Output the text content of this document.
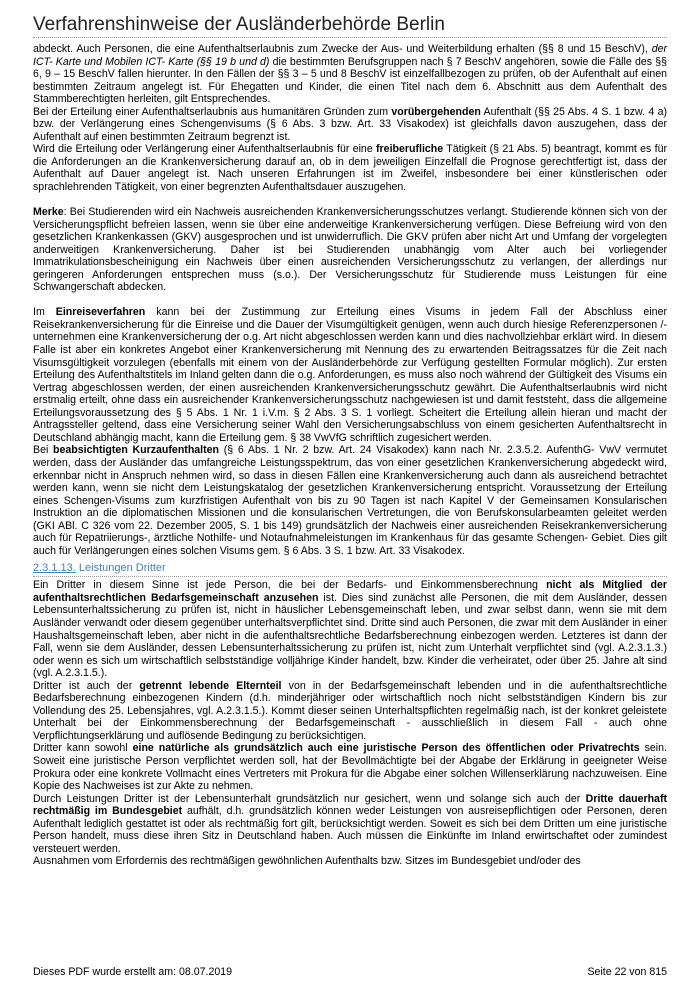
Verfahrenshinweise der Ausländerbehörde Berlin

abdeckt. Auch Personen, die eine Aufenthaltserlaubnis zum Zwecke der Aus- und Weiterbildung erhalten (§§ 8 und 15 BeschV), der ICT- Karte und Mobilen ICT- Karte (§§ 19 b und d) die bestimmten Berufsgruppen nach § 7 BeschV angehören, sowie die Fälle des §§ 6, 9 – 15 BeschV fallen hierunter. In den Fällen der §§ 3 – 5 und 8 BeschV ist einzelfallbezogen zu prüfen, ob der Aufenthalt auf einen bestimmten Zeitraum angelegt ist. Für Ehegatten und Kinder, die einen Titel nach dem 6. Abschnitt aus dem Aufenthalt des Stammberechtigten herleiten, gilt Entsprechendes.

Bei der Erteilung einer Aufenthaltserlaubnis aus humanitären Gründen zum vorübergehenden Aufenthalt (§§ 25 Abs. 4 S. 1 bzw. 4 a) bzw. der Verlängerung eines Schengenvisums (§ 6 Abs. 3 bzw. Art. 33 Visakodex) ist gleichfalls davon auszugehen, dass der Aufenthalt auf einen bestimmten Zeitraum begrenzt ist.

Wird die Erteilung oder Verlängerung einer Aufenthaltserlaubnis für eine freiberufliche Tätigkeit (§ 21 Abs. 5) beantragt, kommt es für die Anforderungen an die Krankenversicherung darauf an, ob in dem jeweiligen Einzelfall die Prognose gerechtfertigt ist, dass der Aufenthalt auf Dauer angelegt ist. Nach unseren Erfahrungen ist im Zweifel, insbesondere bei einer künstlerischen oder sprachlehrenden Tätigkeit, von einer begrenzten Aufenthaltsdauer auszugehen.

Merke: Bei Studierenden wird ein Nachweis ausreichenden Krankenversicherungsschutzes verlangt. Studierende können sich von der Versicherungspflicht befreien lassen, wenn sie über eine anderweitige Krankenversicherung verfügen. Diese Befreiung wird von den gesetzlichen Krankenkassen (GKV) ausgesprochen und ist unwiderruflich. Die GKV prüfen aber nicht Art und Umfang der vorgelegten anderweitigen Krankenversicherung. Daher ist bei Studierenden unabhängig vom Alter auch bei vorliegender Immatrikulationsbescheinigung ein Nachweis über einen ausreichenden Versicherungsschutz zu verlangen, der allerdings nur geringeren Anforderungen entsprechen muss (s.o.). Der Versicherungsschutz für Studierende muss Leistungen für eine Schwangerschaft abdecken.

Im Einreiseverfahren kann bei der Zustimmung zur Erteilung eines Visums in jedem Fall der Abschluss einer Reisekrankenversicherung für die Einreise und die Dauer der Visumgültigkeit genügen, wenn auch durch hiesige Referenzpersonen /-unternehmen eine Krankenversicherung der o.g. Art nicht abgeschlossen werden kann und dies nachvollziehbar erklärt wird. In diesem Falle ist aber ein konkretes Angebot einer Krankenversicherung mit Nennung des zu erwartenden Beitragssatzes für die Zeit nach Visumsgültigkeit vorzulegen (ebenfalls mit einem von der Ausländerbehörde zur Verfügung gestellten Formular möglich). Zur ersten Erteilung des Aufenthaltstitels im Inland gelten dann die o.g. Anforderungen, es muss also noch während der Gültigkeit des Visums ein Vertrag abgeschlossen werden, der einen ausreichenden Krankenversicherungsschutz gewährt. Die Aufenthaltserlaubnis wird nicht erstmalig erteilt, ohne dass ein ausreichender Krankenversicherungsschutz nachgewiesen ist und damit feststeht, dass die allgemeine Erteilungsvoraussetzung des § 5 Abs. 1 Nr. 1 i.V.m. § 2 Abs. 3 S. 1 vorliegt. Scheitert die Erteilung allein hieran und macht der Antragssteller geltend, dass eine Versicherung seiner Wahl den Versicherungsabschluss von einem gesicherten Aufenthaltsrecht in Deutschland abhängig macht, kann die Erteilung gem. § 38 VwVfG schriftlich zugesichert werden.

Bei beabsichtigten Kurzaufenthalten (§ 6 Abs. 1 Nr. 2 bzw. Art. 24 Visakodex) kann nach Nr. 2.3.5.2. AufenthG- VwV vermutet werden, dass der Ausländer das umfangreiche Leistungsspektrum, das von einer gesetzlichen Krankenversicherung abgedeckt wird, erkennbar nicht in Anspruch nehmen wird, so dass in diesen Fällen eine Krankenversicherung auch dann als ausreichend betrachtet werden kann, wenn sie nicht dem Leistungskatalog der gesetzlichen Krankenversicherung entspricht. Voraussetzung der Erteilung eines Schengen-Visums zum kurzfristigen Aufenthalt von bis zu 90 Tagen ist nach Kapitel V der Gemeinsamen Konsularischen Instruktion an die diplomatischen Missionen und die konsularischen Vertretungen, die von Berufskonsularbeamten geleitet werden (GKI ABl. C 326 vom 22. Dezember 2005, S. 1 bis 149) grundsätzlich der Nachweis einer ausreichenden Reisekrankenversicherung auch für Repatriierungs-, ärztliche Nothilfe- und Notaufnahmeleistungen im Krankenhaus für das gesamte Schengen- Gebiet. Dies gilt auch für Verlängerungen eines solchen Visums gem. § 6 Abs. 3 S. 1 bzw. Art. 33 Visakodex.

2.3.1.13. Leistungen Dritter

Ein Dritter in diesem Sinne ist jede Person, die bei der Bedarfs- und Einkommensberechnung nicht als Mitglied der aufenthaltsrechtlichen Bedarfsgemeinschaft anzusehen ist. Dies sind zunächst alle Personen, die mit dem Ausländer, dessen Lebensunterhaltssicherung zu prüfen ist, nicht in häuslicher Lebensgemeinschaft leben, und zwar selbst dann, wenn sie mit dem Ausländer verwandt oder diesem gegenüber unterhaltsverpflichtet sind. Dritte sind auch Personen, die zwar mit dem Ausländer in einer Haushaltsgemeinschaft leben, aber nicht in die aufenthaltsrechtliche Bedarfsberechnung einbezogen werden. Letzteres ist dann der Fall, wenn sie dem Ausländer, dessen Lebensunterhaltssicherung zu prüfen ist, nicht zum Unterhalt verpflichtet sind (vgl. A.2.3.1.3.) oder wenn es sich um wirtschaftlich selbstständige volljährige Kinder handelt, bzw. Kinder die verheiratet, oder über 25. Jahre alt sind (vgl. A.2.3.1.5.).

Dritter ist auch der getrennt lebende Elternteil von in der Bedarfsgemeinschaft lebenden und in die aufenthaltsrechtliche Bedarfsberechnung einbezogenen Kindern (d.h. minderjähriger oder wirtschaftlich noch nicht selbstständigen Kindern bis zur Vollendung des 25. Lebensjahres, vgl. A.2.3.1.5.). Kommt dieser seinen Unterhaltspflichten regelmäßig nach, ist der konkret geleistete Unterhalt bei der Einkommensberechnung der Bedarfsgemeinschaft - ausschließlich in diesem Fall - auch ohne Verpflichtungserklärung und auflösende Bedingung zu berücksichtigen.

Dritter kann sowohl eine natürliche als grundsätzlich auch eine juristische Person des öffentlichen oder Privatrechts sein. Soweit eine juristische Person verpflichtet werden soll, hat der Bevollmächtigte bei der Abgabe der Erklärung in geeigneter Weise Prokura oder eine konkrete Vollmacht eines Vertreters mit Prokura für die Abgabe einer solchen Willenserklärung nachzuweisen. Eine Kopie des Nachweises ist zur Akte zu nehmen.

Durch Leistungen Dritter ist der Lebensunterhalt grundsätzlich nur gesichert, wenn und solange sich auch der Dritte dauerhaft rechtmäßig im Bundesgebiet aufhält, d.h. grundsätzlich können weder Leistungen von ausreisepflichtigen oder Personen, deren Aufenthalt lediglich gestattet ist oder als rechtmäßig fort gilt, berücksichtigt werden. Soweit es sich bei dem Dritten um eine juristische Person handelt, muss diese ihren Sitz in Deutschland haben. Auch müssen die Einkünfte im Inland erwirtschaftet oder zumindest versteuert werden.

Ausnahmen vom Erfordernis des rechtmäßigen gewöhnlichen Aufenthalts bzw. Sitzes im Bundesgebiet und/oder des

Dieses PDF wurde erstellt am: 08.07.2019	Seite 22 von 815
